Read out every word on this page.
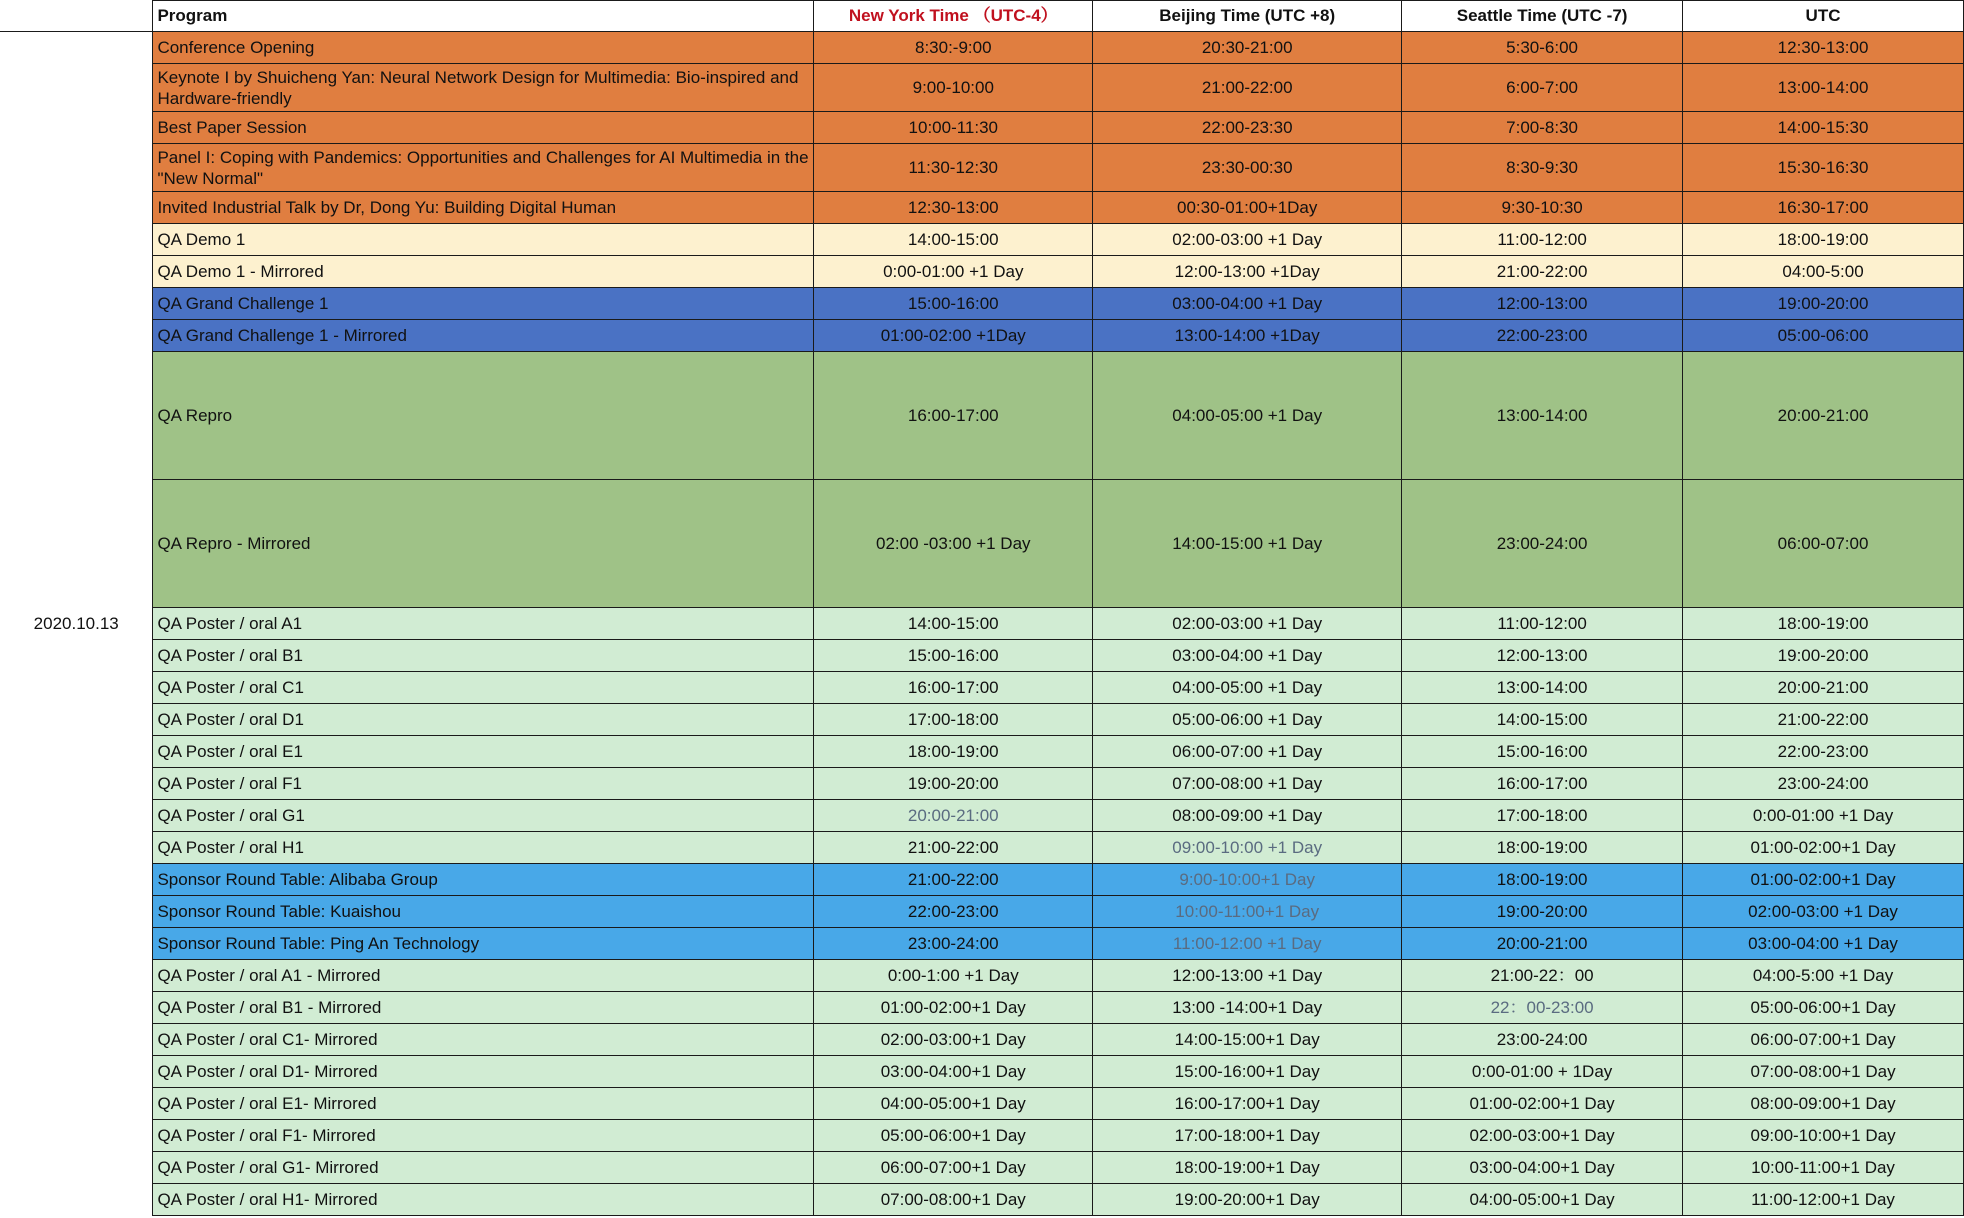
	Program	New York Time （UTC-4）	Beijing Time (UTC +8)	Seattle Time (UTC -7)	UTC
2020.10.13	Conference Opening	8:30:-9:00	20:30-21:00	5:30-6:00	12:30-13:00
	Keynote I by Shuicheng Yan: Neural Network Design for Multimedia: Bio-inspired and Hardware-friendly	9:00-10:00	21:00-22:00	6:00-7:00	13:00-14:00
	Best Paper Session	10:00-11:30	22:00-23:30	7:00-8:30	14:00-15:30
	Panel I: Coping with Pandemics: Opportunities and Challenges for AI Multimedia in the "New Normal"	11:30-12:30	23:30-00:30	8:30-9:30	15:30-16:30
	Invited Industrial Talk by Dr, Dong Yu: Building Digital Human	12:30-13:00	00:30-01:00+1Day	9:30-10:30	16:30-17:00
	QA Demo 1	14:00-15:00	02:00-03:00 +1 Day	11:00-12:00	18:00-19:00
	QA Demo 1 - Mirrored	0:00-01:00 +1 Day	12:00-13:00 +1Day	21:00-22:00	04:00-5:00
	QA Grand Challenge 1	15:00-16:00	03:00-04:00 +1 Day	12:00-13:00	19:00-20:00
	QA Grand Challenge 1 - Mirrored	01:00-02:00 +1Day	13:00-14:00 +1Day	22:00-23:00	05:00-06:00
	QA Repro	16:00-17:00	04:00-05:00 +1 Day	13:00-14:00	20:00-21:00
	QA Repro - Mirrored	02:00 -03:00 +1 Day	14:00-15:00 +1 Day	23:00-24:00	06:00-07:00
	QA Poster / oral A1	14:00-15:00	02:00-03:00 +1 Day	11:00-12:00	18:00-19:00
	QA Poster / oral B1	15:00-16:00	03:00-04:00 +1 Day	12:00-13:00	19:00-20:00
	QA Poster / oral C1	16:00-17:00	04:00-05:00 +1 Day	13:00-14:00	20:00-21:00
	QA Poster / oral D1	17:00-18:00	05:00-06:00 +1 Day	14:00-15:00	21:00-22:00
	QA Poster / oral E1	18:00-19:00	06:00-07:00 +1 Day	15:00-16:00	22:00-23:00
	QA Poster / oral F1	19:00-20:00	07:00-08:00 +1 Day	16:00-17:00	23:00-24:00
	QA Poster / oral G1	20:00-21:00	08:00-09:00 +1 Day	17:00-18:00	0:00-01:00 +1 Day
	QA Poster / oral H1	21:00-22:00	09:00-10:00 +1 Day	18:00-19:00	01:00-02:00+1 Day
	Sponsor Round Table: Alibaba Group	21:00-22:00	9:00-10:00+1 Day	18:00-19:00	01:00-02:00+1 Day
	Sponsor Round Table: Kuaishou	22:00-23:00	10:00-11:00+1 Day	19:00-20:00	02:00-03:00 +1 Day
	Sponsor Round Table: Ping An Technology	23:00-24:00	11:00-12:00 +1 Day	20:00-21:00	03:00-04:00 +1 Day
	QA Poster / oral A1 - Mirrored	0:00-1:00 +1 Day	12:00-13:00 +1 Day	21:00-22：00	04:00-5:00 +1 Day
	QA Poster / oral B1 - Mirrored	01:00-02:00+1 Day	13:00 -14:00+1 Day	22：00-23:00	05:00-06:00+1 Day
	QA Poster / oral C1- Mirrored	02:00-03:00+1 Day	14:00-15:00+1 Day	23:00-24:00	06:00-07:00+1 Day
	QA Poster / oral D1- Mirrored	03:00-04:00+1 Day	15:00-16:00+1 Day	0:00-01:00 + 1Day	07:00-08:00+1 Day
	QA Poster / oral E1- Mirrored	04:00-05:00+1 Day	16:00-17:00+1 Day	01:00-02:00+1 Day	08:00-09:00+1 Day
	QA Poster / oral F1- Mirrored	05:00-06:00+1 Day	17:00-18:00+1 Day	02:00-03:00+1 Day	09:00-10:00+1 Day
	QA Poster / oral G1- Mirrored	06:00-07:00+1 Day	18:00-19:00+1 Day	03:00-04:00+1 Day	10:00-11:00+1 Day
	QA Poster / oral H1- Mirrored	07:00-08:00+1 Day	19:00-20:00+1 Day	04:00-05:00+1 Day	11:00-12:00+1 Day
